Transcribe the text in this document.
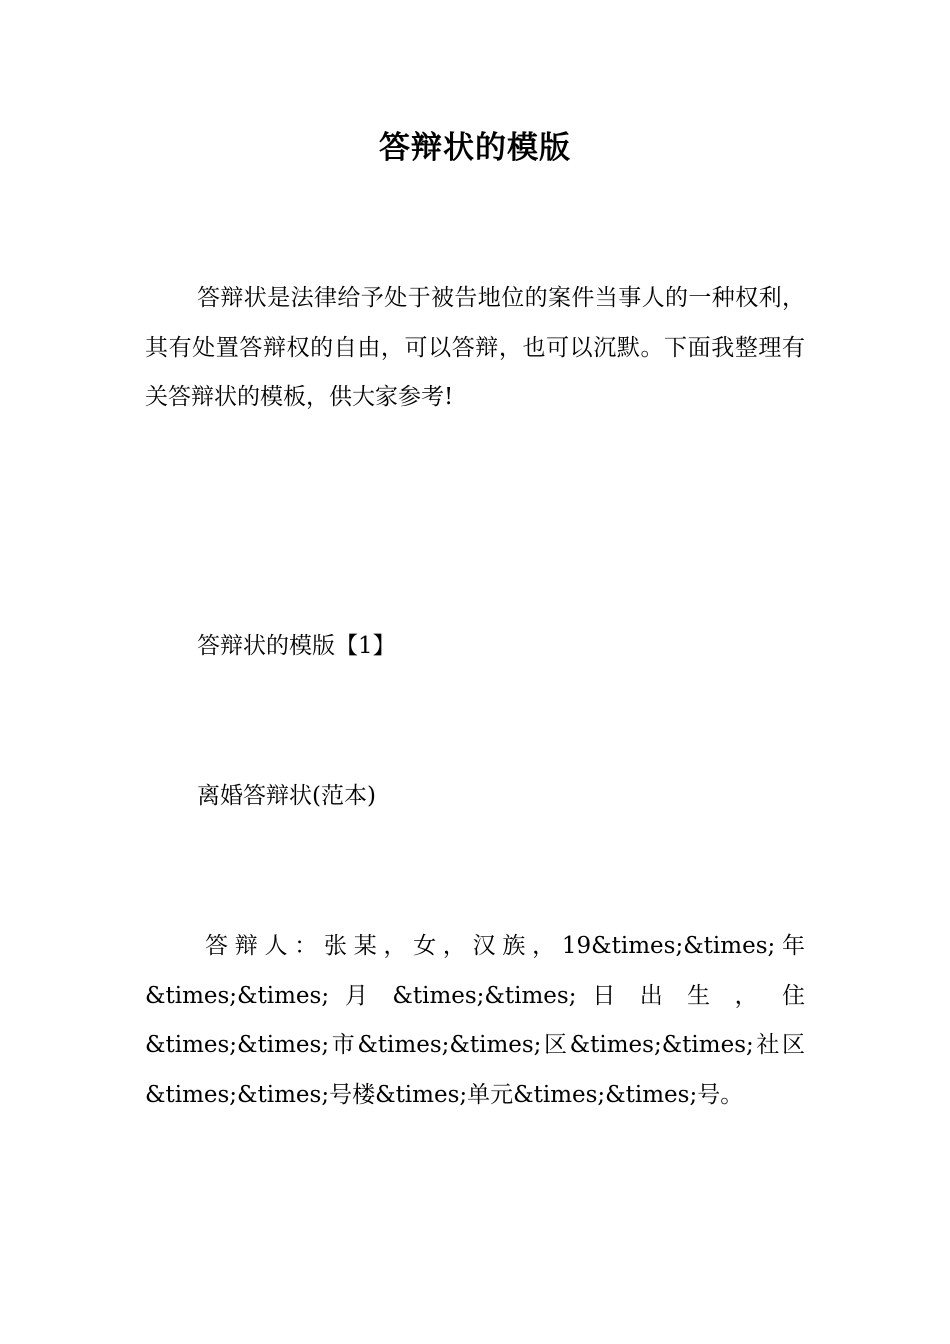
答辩状的模版
答辩状是法律给予处于被告地位的案件当事人的一种权利，其有处置答辩权的自由，可以答辩，也可以沉默。下面我整理有关答辩状的模板，供大家参考!
答辩状的模版【1】
离婚答辩状(范本)
答辩人：张某，女，汉族，19&times;&times;年
&times;&times; 月 &times;&times; 日 出 生 ， 住
&times;&times;市&times;&times;区&times;&times;社区
&times;&times;号楼&times;单元&times;&times;号。
